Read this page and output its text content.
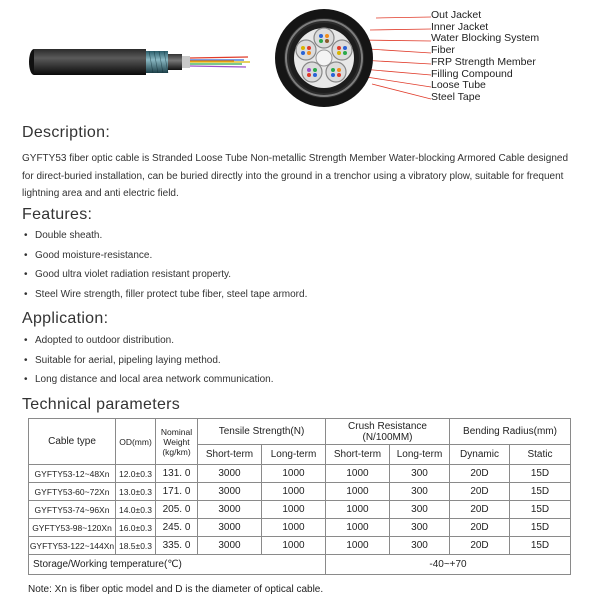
Out Jacket
Inner Jacket
Water Blocking System
Fiber
FRP Strength Member
Filling Compound
Loose Tube
Steel Tape
Description:
GYFTY53 fiber optic cable is Stranded Loose Tube Non-metallic Strength Member Water-blocking Armored Cable designed for direct-buried installation, can be buried directly into the ground in a trenchor using a vibratory plow, suitable for frequent lightning area and anti electric field.
Features:
• Double sheath.
• Good moisture-resistance.
• Good ultra violet radiation resistant property.
• Steel Wire strength, filler protect tube fiber, steel tape armord.
Application:
• Adopted to outdoor distribution.
• Suitable for aerial, pipeling laying method.
• Long distance and local area network communication.
Technical parameters
Cable type	OD(mm)	Nominal Weight (kg/km)	Tensile Strength(N)		Crush Resistance (N/100MM)		Bending Radius(mm)	
			Short-term	Long-term	Short-term	Long-term	Dynamic	Static
GYFTY53-12~48Xn	12.0±0.3	131. 0	3000	1000	1000	300	20D	15D
GYFTY53-60~72Xn	13.0±0.3	171. 0	3000	1000	1000	300	20D	15D
GYFTY53-74~96Xn	14.0±0.3	205. 0	3000	1000	1000	300	20D	15D
GYFTY53-98~120Xn	16.0±0.3	245. 0	3000	1000	1000	300	20D	15D
GYFTY53-122~144Xn	18.5±0.3	335. 0	3000	1000	1000	300	20D	15D
Storage/Working temperature(℃)					-40~+70			
Note: Xn is fiber optic model and D is the diameter of optical cable.
